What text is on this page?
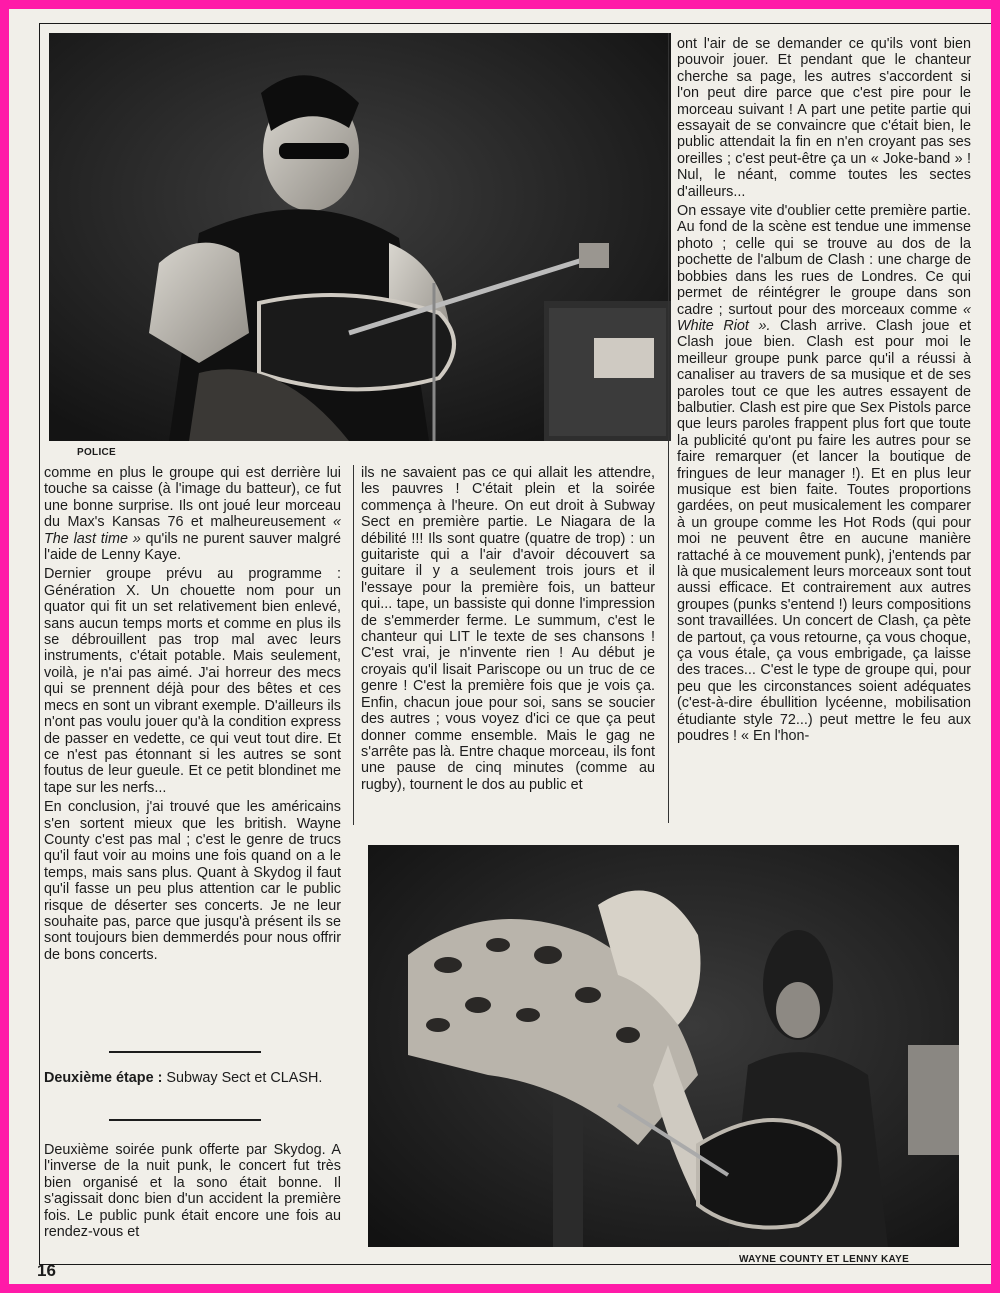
POLICE

comme en plus le groupe qui est derrière lui touche sa caisse (à l'image du batteur), ce fut une bonne surprise. Ils ont joué leur morceau du Max's Kansas 76 et malheureusement « The last time » qu'ils ne purent sauver malgré l'aide de Lenny Kaye.

Dernier groupe prévu au programme : Génération X. Un chouette nom pour un quator qui fit un set relativement bien enlevé, sans aucun temps morts et comme en plus ils se débrouillent pas trop mal avec leurs instruments, c'était potable. Mais seulement, voilà, je n'ai pas aimé. J'ai horreur des mecs qui se prennent déjà pour des bêtes et ces mecs en sont un vibrant exemple. D'ailleurs ils n'ont pas voulu jouer qu'à la condition express de passer en vedette, ce qui veut tout dire. Et ce n'est pas étonnant si les autres se sont foutus de leur gueule. Et ce petit blondinet me tape sur les nerfs...

En conclusion, j'ai trouvé que les américains s'en sortent mieux que les british. Wayne County c'est pas mal ; c'est le genre de trucs qu'il faut voir au moins une fois quand on a le temps, mais sans plus. Quant à Skydog il faut qu'il fasse un peu plus attention car le public risque de déserter ses concerts. Je ne leur souhaite pas, parce que jusqu'à présent ils se sont toujours bien demmerdés pour nous offrir de bons concerts.

Deuxième étape : Subway Sect et CLASH.

Deuxième soirée punk offerte par Skydog. A l'inverse de la nuit punk, le concert fut très bien organisé et la sono était bonne. Il s'agissait donc bien d'un accident la première fois. Le public punk était encore une fois au rendez-vous et

ils ne savaient pas ce qui allait les attendre, les pauvres ! C'était plein et la soirée commença à l'heure. On eut droit à Subway Sect en première partie. Le Niagara de la débilité !!! Ils sont quatre (quatre de trop) : un guitariste qui a l'air d'avoir découvert sa guitare il y a seulement trois jours et il l'essaye pour la première fois, un batteur qui... tape, un bassiste qui donne l'impression de s'emmerder ferme. Le summum, c'est le chanteur qui LIT le texte de ses chansons ! C'est vrai, je n'invente rien ! Au début je croyais qu'il lisait Pariscope ou un truc de ce genre ! C'est la première fois que je vois ça. Enfin, chacun joue pour soi, sans se soucier des autres ; vous voyez d'ici ce que ça peut donner comme ensemble. Mais le gag ne s'arrête pas là. Entre chaque morceau, ils font une pause de cinq minutes (comme au rugby), tournent le dos au public et

ont l'air de se demander ce qu'ils vont bien pouvoir jouer. Et pendant que le chanteur cherche sa page, les autres s'accordent si l'on peut dire parce que c'est pire pour le morceau suivant ! A part une petite partie qui essayait de se convaincre que c'était bien, le public attendait la fin en n'en croyant pas ses oreilles ; c'est peut-être ça un « Joke-band » ! Nul, le néant, comme toutes les sectes d'ailleurs...

On essaye vite d'oublier cette première partie. Au fond de la scène est tendue une immense photo ; celle qui se trouve au dos de la pochette de l'album de Clash : une charge de bobbies dans les rues de Londres. Ce qui permet de réintégrer le groupe dans son cadre ; surtout pour des morceaux comme « White Riot ». Clash arrive. Clash joue et Clash joue bien. Clash est pour moi le meilleur groupe punk parce qu'il a réussi à canaliser au travers de sa musique et de ses paroles tout ce que les autres essayent de balbutier. Clash est pire que Sex Pistols parce que leurs paroles frappent plus fort que toute la publicité qu'ont pu faire les autres pour se faire remarquer (et lancer la boutique de fringues de leur manager !). Et en plus leur musique est bien faite. Toutes proportions gardées, on peut musicalement les comparer à un groupe comme les Hot Rods (qui pour moi ne peuvent être en aucune manière rattaché à ce mouvement punk), j'entends par là que musicalement leurs morceaux sont tout aussi efficace. Et contrairement aux autres groupes (punks s'entend !) leurs compositions sont travaillées. Un concert de Clash, ça pète de partout, ça vous retourne, ça vous choque, ça vous étale, ça vous embrigade, ça laisse des traces... C'est le type de groupe qui, pour peu que les circonstances soient adéquates (c'est-à-dire ébullition lycéenne, mobilisation étudiante style 72...) peut mettre le feu aux poudres ! « En l'hon-

WAYNE COUNTY ET LENNY KAYE
16
